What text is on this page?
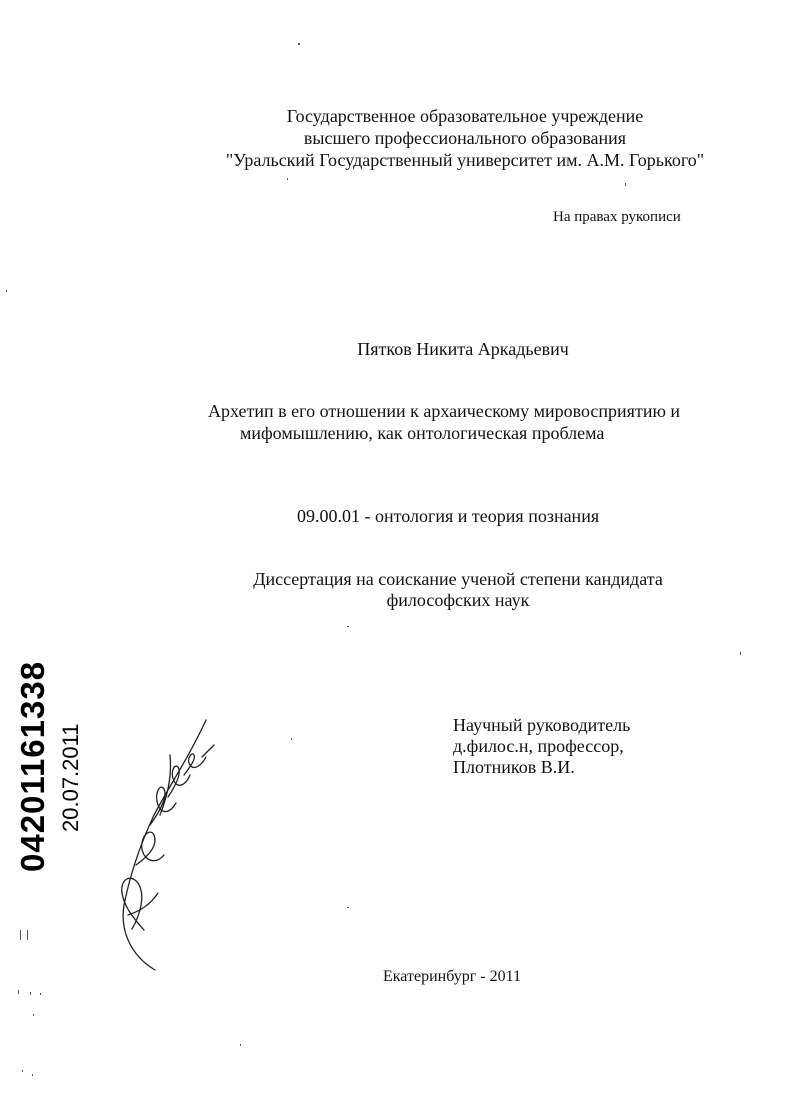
Государственное образовательное учреждение
высшего профессионального образования
"Уральский Государственный университет им. А.М. Горького"
На правах рукописи
Пятков Никита Аркадьевич
Архетип в его отношении к архаическому мировосприятию и
мифомышлению, как онтологическая проблема
09.00.01 - онтология и теория познания
Диссертация на соискание ученой степени кандидата
философских наук
Научный руководитель
д.филос.н, профессор,
Плотников В.И.
Екатеринбург - 2011
04201161338 20.07.2011
